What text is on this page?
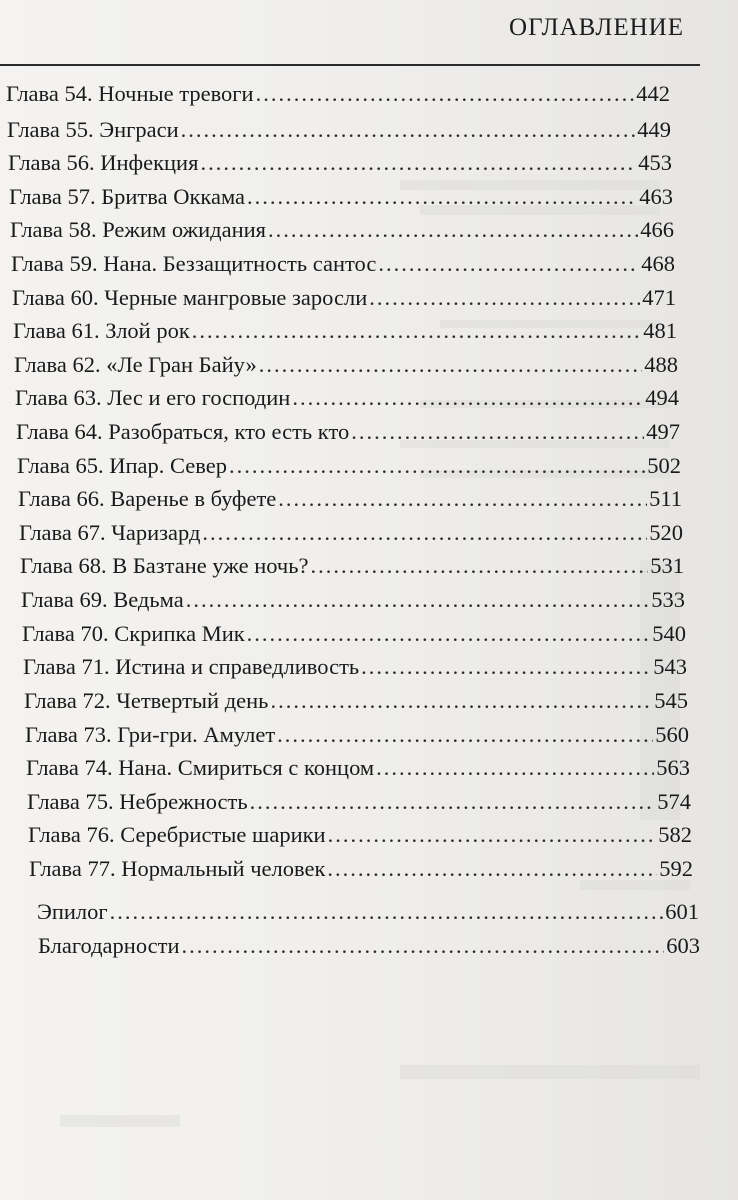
ОГЛАВЛЕНИЕ
Глава 54. Ночные тревоги .....	442
Глава 55. Энграси .....	449
Глава 56. Инфекция .....	453
Глава 57. Бритва Оккама .....	463
Глава 58. Режим ожидания .....	466
Глава 59. Нана. Беззащитность сантос .....	468
Глава 60. Черные мангровые заросли .....	471
Глава 61. Злой рок .....	481
Глава 62. «Ле Гран Байу» .....	488
Глава 63. Лес и его господин .....	494
Глава 64. Разобраться, кто есть кто .....	497
Глава 65. Ипар. Север .....	502
Глава 66. Варенье в буфете .....	511
Глава 67. Чаризард .....	520
Глава 68. В Базтане уже ночь? .....	531
Глава 69. Ведьма .....	533
Глава 70. Скрипка Мик .....	540
Глава 71. Истина и справедливость .....	543
Глава 72. Четвертый день .....	545
Глава 73. Гри-гри. Амулет .....	560
Глава 74. Нана. Смириться с концом .....	563
Глава 75. Небрежность .....	574
Глава 76. Серебристые шарики .....	582
Глава 77. Нормальный человек .....	592
Эпилог .....	601
Благодарности .....	603
